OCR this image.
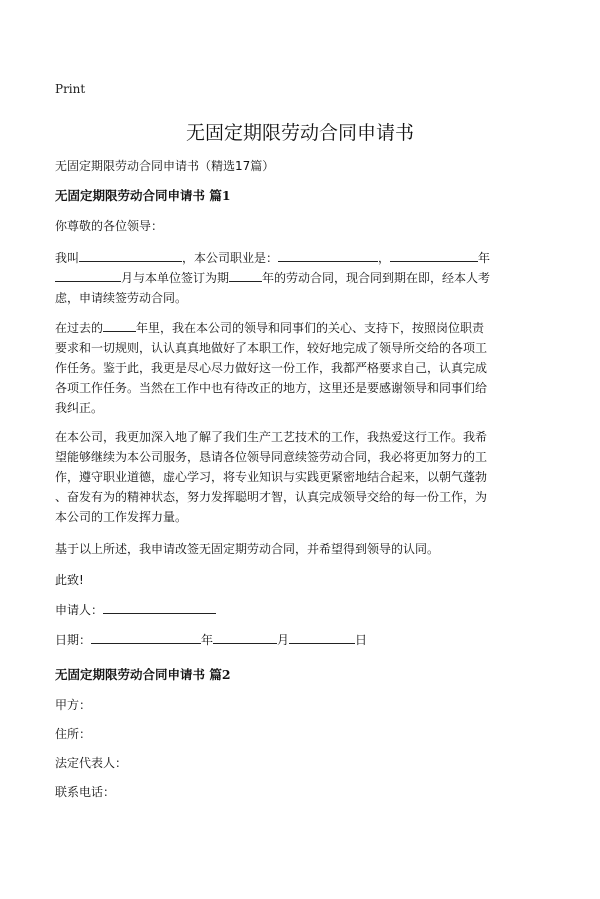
Print
无固定期限劳动合同申请书
无固定期限劳动合同申请书（精选17篇）
无固定期限劳动合同申请书 篇1
你尊敬的各位领导：
我叫	，本公司职业是：	，	年
月与本单位签订为期	年的劳动合同，现合同到期在即，经本人考
虑，申请续签劳动合同。
在过去的	年里，我在本公司的领导和同事们的关心、支持下，按照岗位职责
要求和一切规则，认认真真地做好了本职工作，较好地完成了领导所交给的各项工
作任务。鉴于此，我更是尽心尽力做好这一份工作，我都严格要求自己，认真完成
各项工作任务。当然在工作中也有待改正的地方，这里还是要感谢领导和同事们给
我纠正。
在本公司，我更加深入地了解了我们生产工艺技术的工作，我热爱这行工作。我希
望能够继续为本公司服务，恳请各位领导同意续签劳动合同，我必将更加努力的工
作，遵守职业道德，虚心学习，将专业知识与实践更紧密地结合起来，以朝气蓬勃
、奋发有为的精神状态，努力发挥聪明才智，认真完成领导交给的每一份工作，为
本公司的工作发挥力量。
基于以上所述，我申请改签无固定期劳动合同，并希望得到领导的认同。
此致!
申请人：
日期：	年	月	日
无固定期限劳动合同申请书 篇2
甲方：
住所：
法定代表人：
联系电话：
